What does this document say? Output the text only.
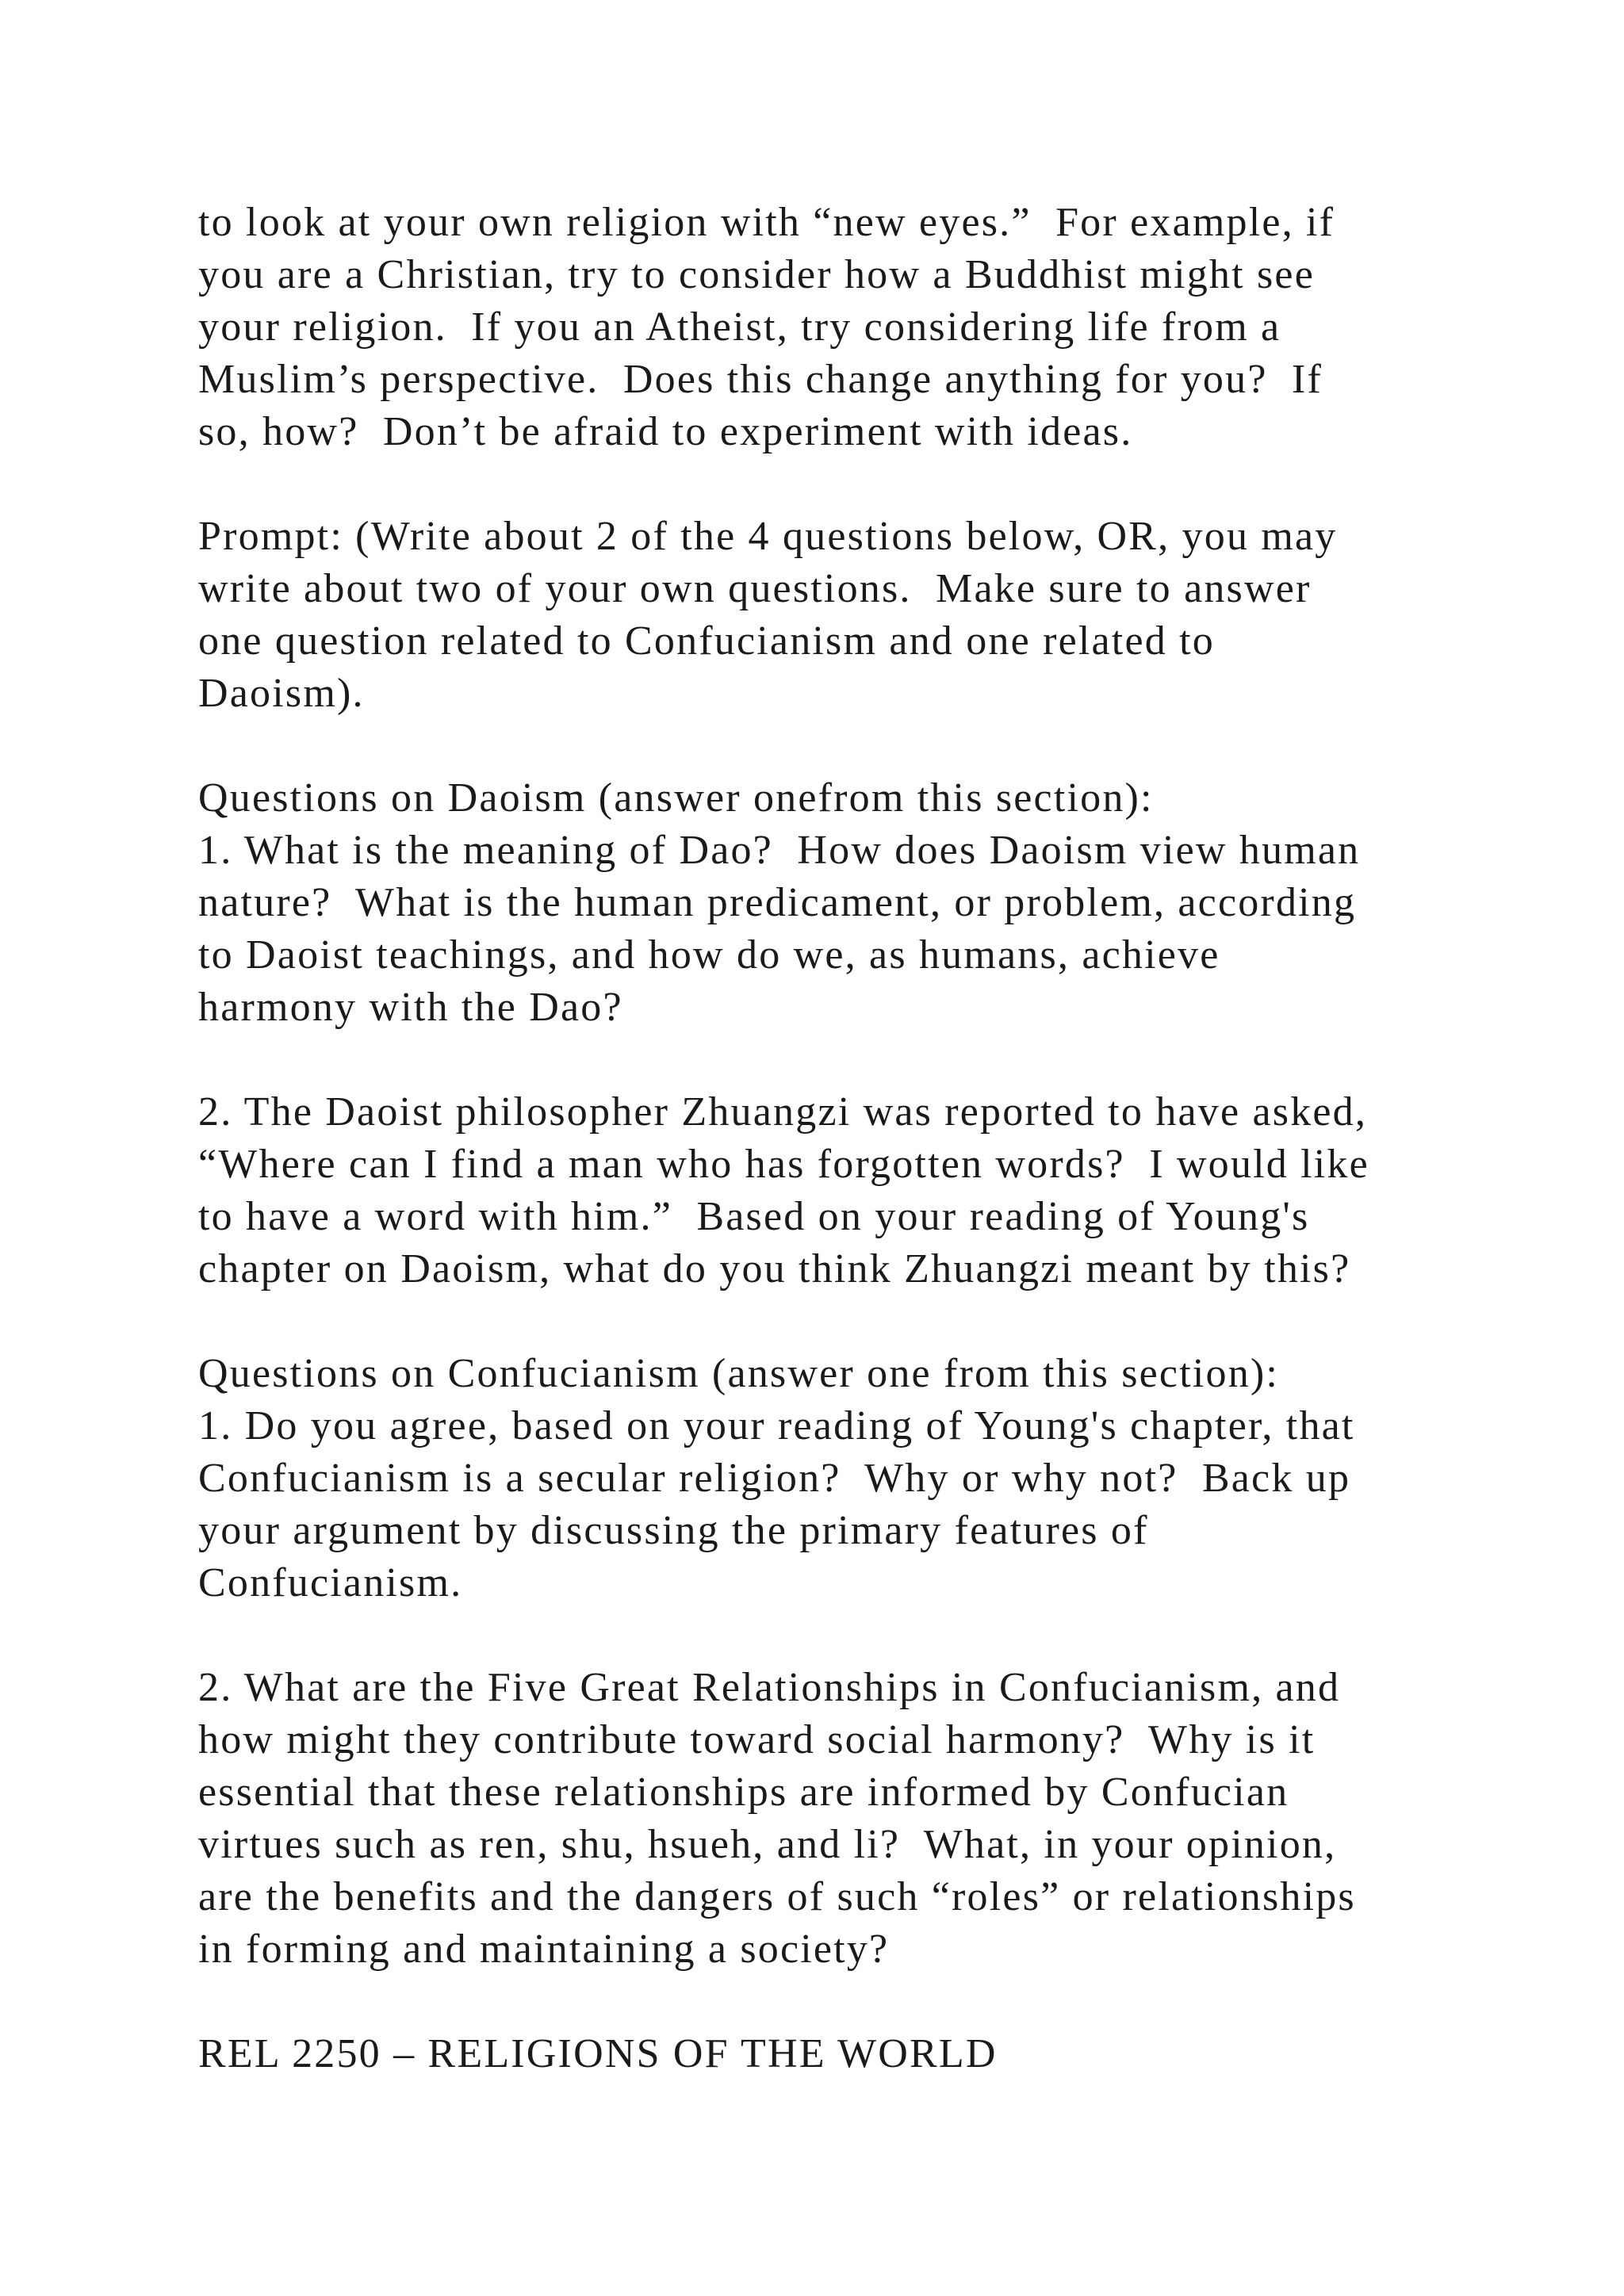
to look at your own religion with “new eyes.”  For example, if
you are a Christian, try to consider how a Buddhist might see
your religion.  If you an Atheist, try considering life from a
Muslim’s perspective.  Does this change anything for you?  If
so, how?  Don’t be afraid to experiment with ideas.
Prompt: (Write about 2 of the 4 questions below, OR, you may
write about two of your own questions.  Make sure to answer
one question related to Confucianism and one related to
Daoism).
Questions on Daoism (answer onefrom this section):
1. What is the meaning of Dao?  How does Daoism view human
nature?  What is the human predicament, or problem, according
to Daoist teachings, and how do we, as humans, achieve
harmony with the Dao?
2. The Daoist philosopher Zhuangzi was reported to have asked,
“Where can I find a man who has forgotten words?  I would like
to have a word with him.”  Based on your reading of Young's
chapter on Daoism, what do you think Zhuangzi meant by this?
Questions on Confucianism (answer one from this section):
1. Do you agree, based on your reading of Young's chapter, that
Confucianism is a secular religion?  Why or why not?  Back up
your argument by discussing the primary features of
Confucianism.
2. What are the Five Great Relationships in Confucianism, and
how might they contribute toward social harmony?  Why is it
essential that these relationships are informed by Confucian
virtues such as ren, shu, hsueh, and li?  What, in your opinion,
are the benefits and the dangers of such “roles” or relationships
in forming and maintaining a society?
REL 2250 – RELIGIONS OF THE WORLD
